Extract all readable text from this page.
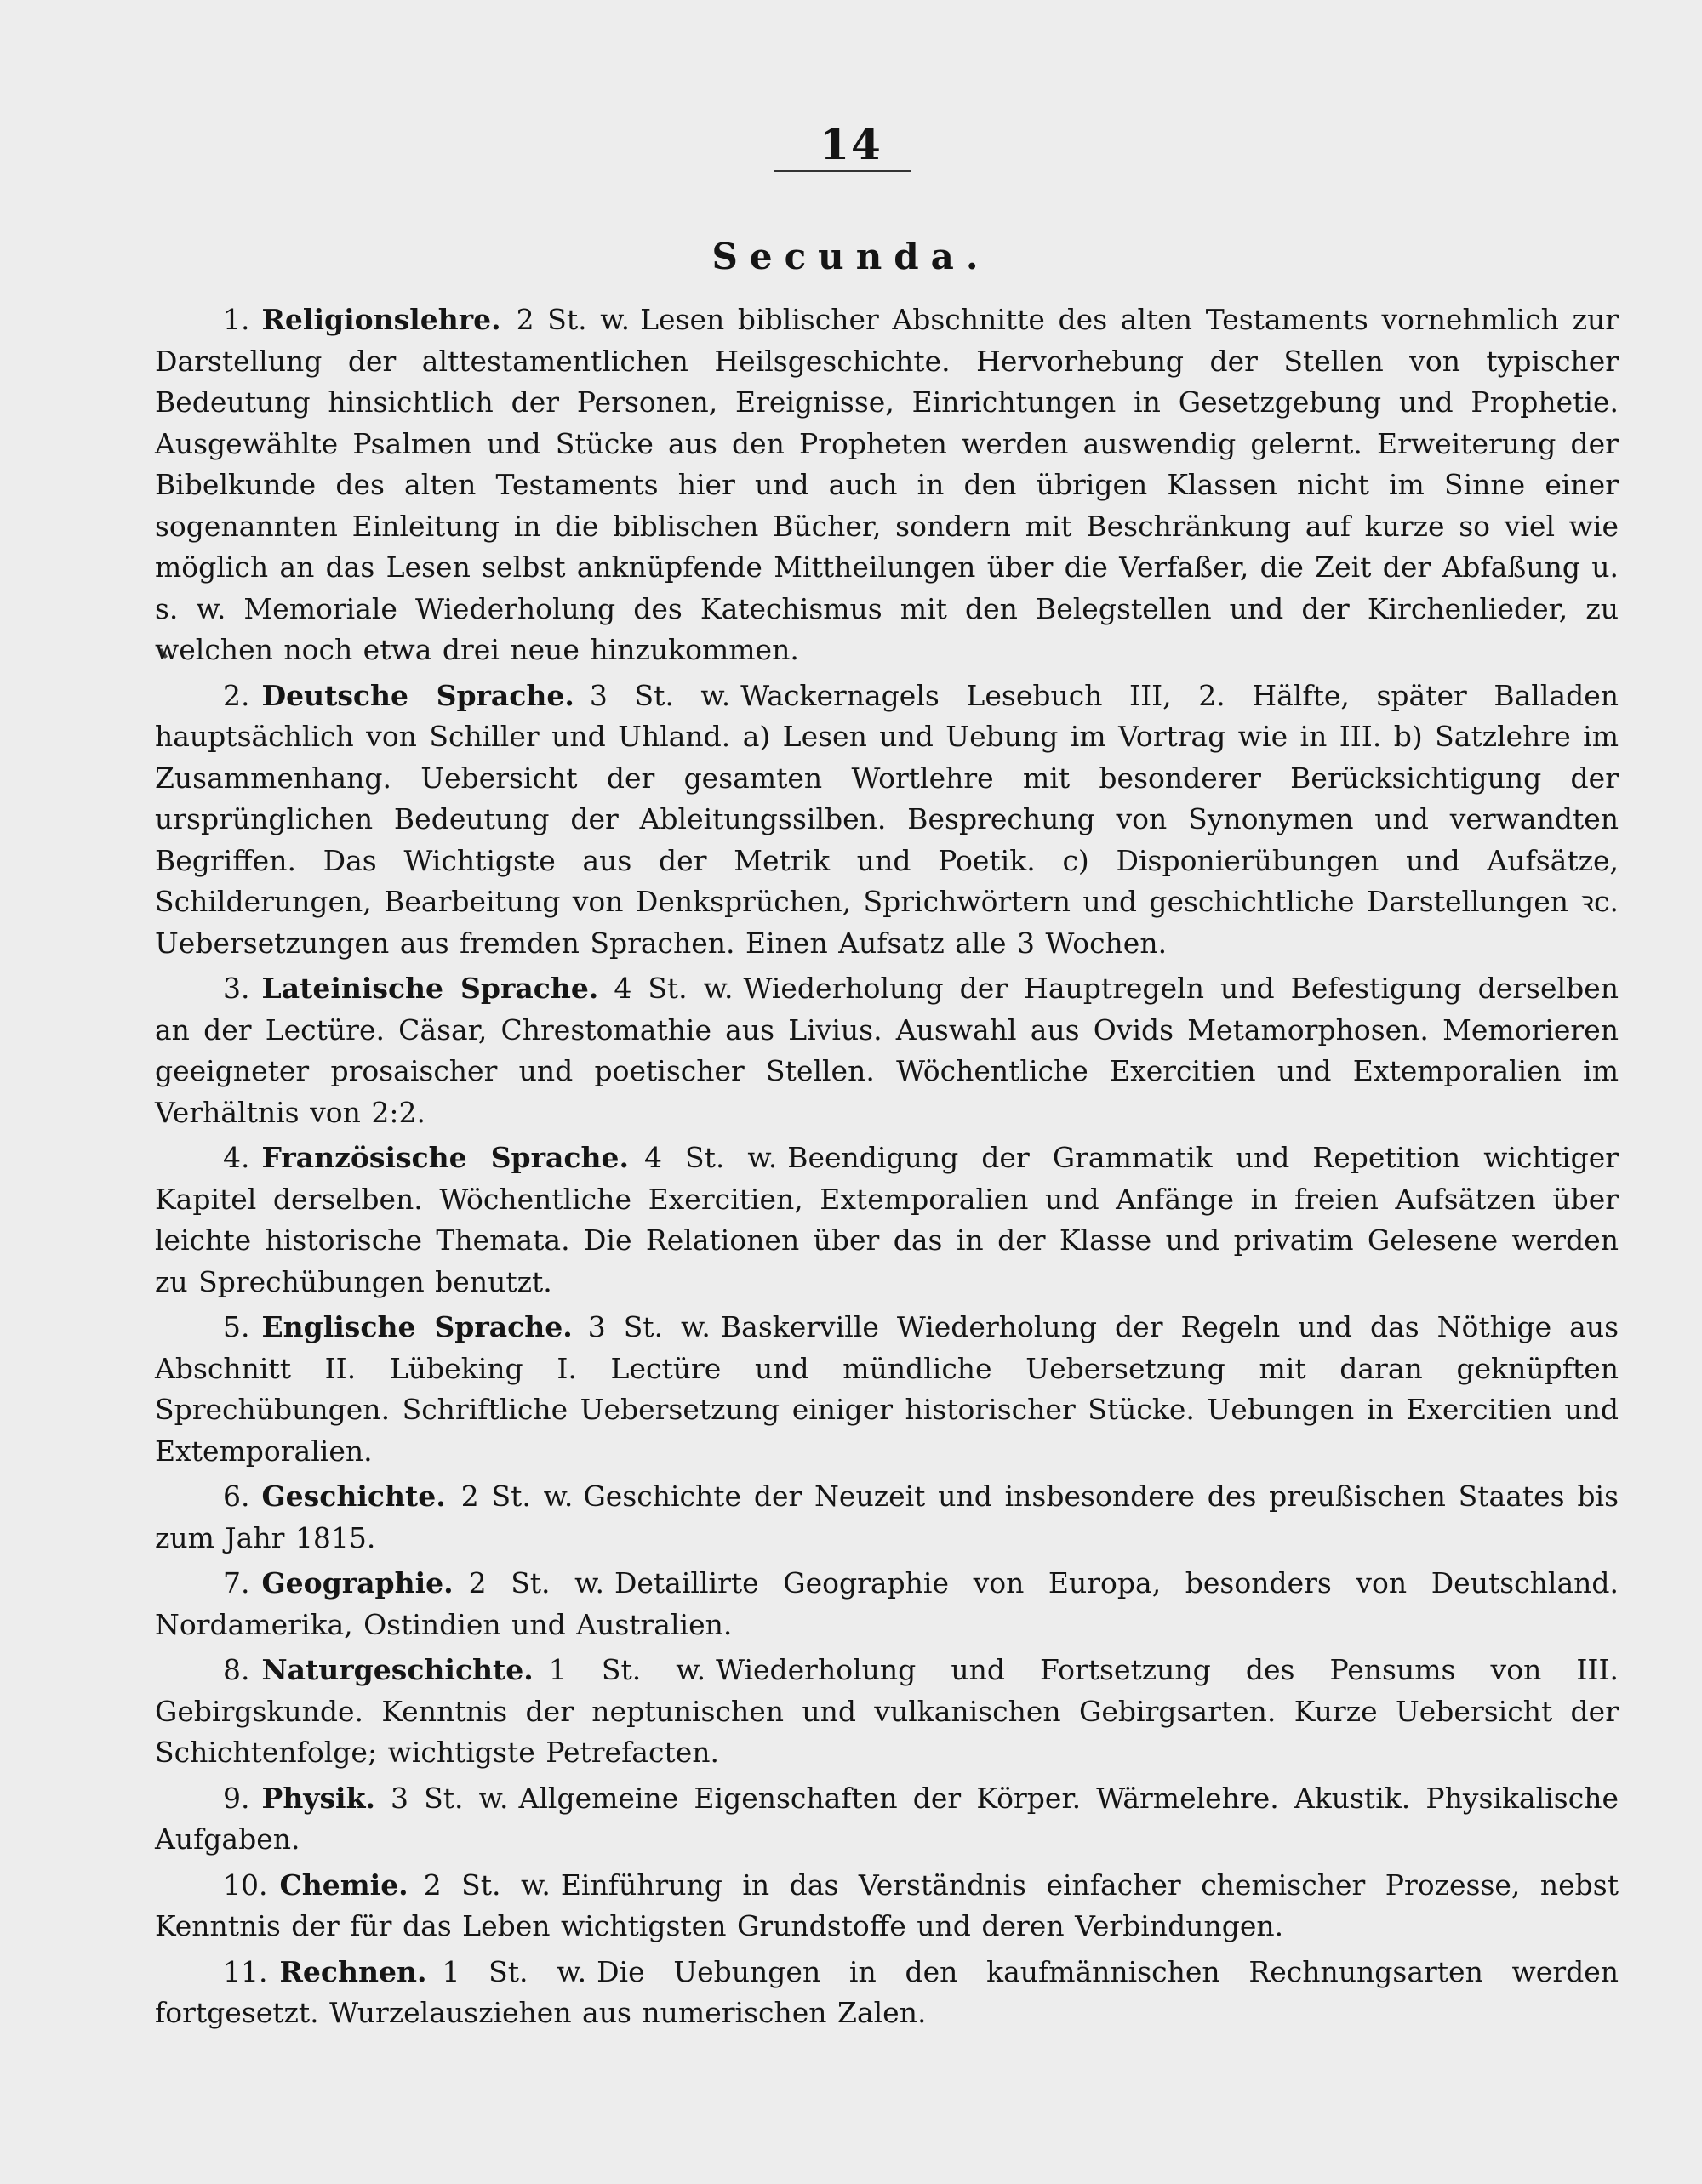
14
Secunda.

1. Religionslehre. 2 St. w. Lesen biblischer Abschnitte des alten Testaments vornehmlich zur Darstellung der alttestamentlichen Heilsgeschichte. Hervorhebung der Stellen von typischer Bedeutung hinsichtlich der Personen, Ereignisse, Einrichtungen in Gesetzgebung und Prophetie. Ausgewählte Psalmen und Stücke aus den Propheten werden auswendig gelernt. Erweiterung der Bibelkunde des alten Testaments hier und auch in den übrigen Klassen nicht im Sinne einer sogenannten Einleitung in die biblischen Bücher, sondern mit Beschränkung auf kurze so viel wie möglich an das Lesen selbst anknüpfende Mittheilungen über die Verfaßer, die Zeit der Abfaßung u. s. w. Memoriale Wiederholung des Katechismus mit den Belegstellen und der Kirchenlieder, zu welchen noch etwa drei neue hinzukommen.

2. Deutsche Sprache. 3 St. w. Wackernagels Lesebuch III, 2. Hälfte, später Balladen hauptsächlich von Schiller und Uhland. a) Lesen und Uebung im Vortrag wie in III. b) Satzlehre im Zusammenhang. Uebersicht der gesamten Wortlehre mit besonderer Berücksichtigung der ursprünglichen Bedeutung der Ableitungssilben. Besprechung von Synonymen und verwandten Begriffen. Das Wichtigste aus der Metrik und Poetik. c) Disponierübungen und Aufsätze, Schilderungen, Bearbeitung von Denksprüchen, Sprichwörtern und geschichtliche Darstellungen ꝛc. Uebersetzungen aus fremden Sprachen. Einen Aufsatz alle 3 Wochen.

3. Lateinische Sprache. 4 St. w. Wiederholung der Hauptregeln und Befestigung derselben an der Lectüre. Cäsar, Chrestomathie aus Livius. Auswahl aus Ovids Metamorphosen. Memorieren geeigneter prosaischer und poetischer Stellen. Wöchentliche Exercitien und Extemporalien im Verhältnis von 2:2.

4. Französische Sprache. 4 St. w. Beendigung der Grammatik und Repetition wichtiger Kapitel derselben. Wöchentliche Exercitien, Extemporalien und Anfänge in freien Aufsätzen über leichte historische Themata. Die Relationen über das in der Klasse und privatim Gelesene werden zu Sprechübungen benutzt.

5. Englische Sprache. 3 St. w. Baskerville Wiederholung der Regeln und das Nöthige aus Abschnitt II. Lübeking I. Lectüre und mündliche Uebersetzung mit daran geknüpften Sprechübungen. Schriftliche Uebersetzung einiger historischer Stücke. Uebungen in Exercitien und Extemporalien.

6. Geschichte. 2 St. w. Geschichte der Neuzeit und insbesondere des preußischen Staates bis zum Jahr 1815.

7. Geographie. 2 St. w. Detaillirte Geographie von Europa, besonders von Deutschland. Nordamerika, Ostindien und Australien.

8. Naturgeschichte. 1 St. w. Wiederholung und Fortsetzung des Pensums von III. Gebirgskunde. Kenntnis der neptunischen und vulkanischen Gebirgsarten. Kurze Uebersicht der Schichtenfolge; wichtigste Petrefacten.

9. Physik. 3 St. w. Allgemeine Eigenschaften der Körper. Wärmelehre. Akustik. Physikalische Aufgaben.

10. Chemie. 2 St. w. Einführung in das Verständnis einfacher chemischer Prozesse, nebst Kenntnis der für das Leben wichtigsten Grundstoffe und deren Verbindungen.

11. Rechnen. 1 St. w. Die Uebungen in den kaufmännischen Rechnungsarten werden fortgesetzt. Wurzelausziehen aus numerischen Zalen.
